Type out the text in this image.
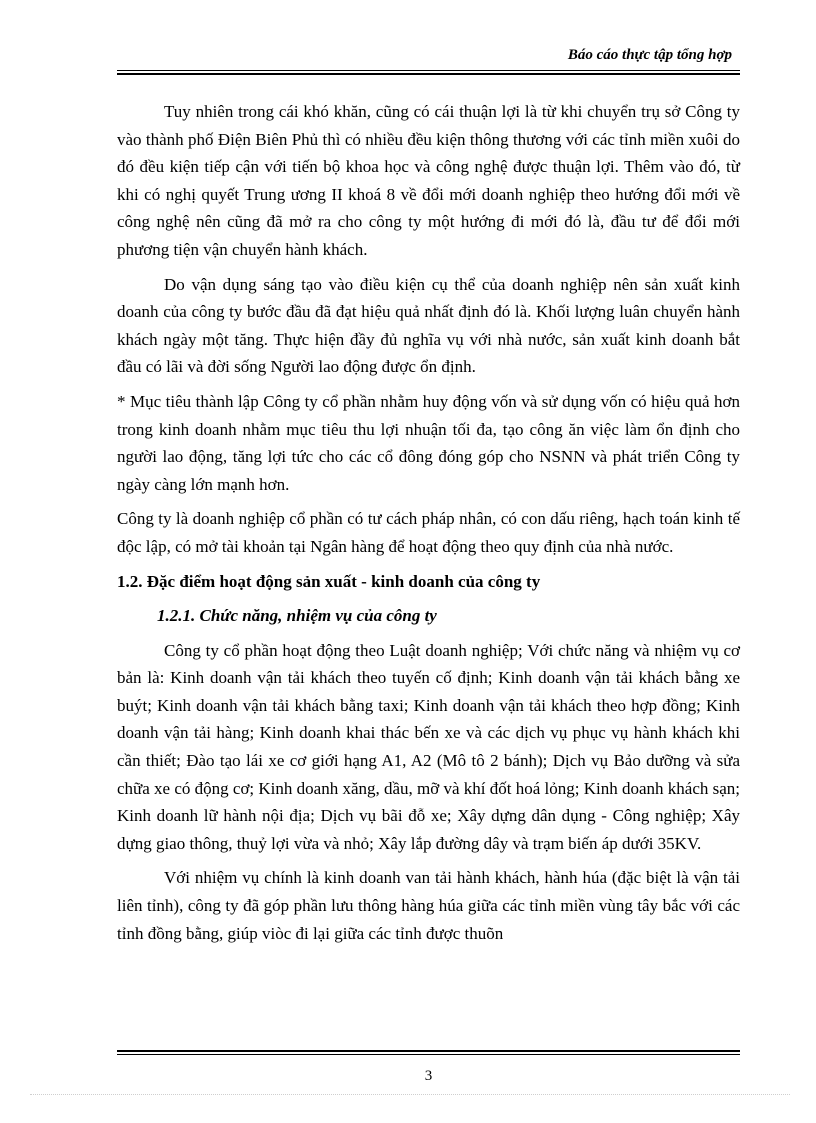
Báo cáo thực tập tổng hợp

Tuy nhiên trong cái khó khăn, cũng có cái thuận lợi là từ khi chuyển trụ sở Công ty vào thành phố Điện Biên Phủ thì có nhiều đều kiện thông thương với các tỉnh miền xuôi do đó đều kiện tiếp cận với tiến bộ khoa học và công nghệ được thuận lợi. Thêm vào đó, từ khi có nghị quyết Trung ương II khoá 8 về đổi mới doanh nghiệp theo hướng đổi mới về công nghệ nên cũng đã mở ra cho công ty một hướng đi mới đó là, đầu tư để đổi mới phương tiện vận chuyển hành khách.

Do vận dụng sáng tạo vào điều kiện cụ thể của doanh nghiệp nên sản xuất kinh doanh của công ty bước đầu đã đạt hiệu quả nhất định đó là. Khối lượng luân chuyển hành khách ngày một tăng. Thực hiện đầy đủ nghĩa vụ với nhà nước, sản xuất kinh doanh bắt đầu có lãi và đời sống Người lao động được ổn định.

* Mục tiêu thành lập Công ty cổ phần nhằm huy động vốn và sử dụng vốn có hiệu quả hơn trong kinh doanh nhằm mục tiêu thu lợi nhuận tối đa, tạo công ăn việc làm ổn định cho người lao động, tăng lợi tức cho các cổ đông đóng góp cho NSNN và phát triển Công ty ngày càng lớn mạnh hơn.

Công ty là doanh nghiệp cổ phần có tư cách pháp nhân, có con dấu riêng, hạch toán kinh tế độc lập, có mở tài khoản tại Ngân hàng để hoạt động theo quy định của nhà nước.

1.2. Đặc điểm hoạt động sản xuất - kinh doanh của công ty

1.2.1. Chức năng, nhiệm vụ của công ty

Công ty cổ phần hoạt động theo Luật doanh nghiệp; Với chức năng và nhiệm vụ cơ bản là: Kinh doanh vận tải khách theo tuyến cố định; Kinh doanh vận tải khách bằng xe buýt; Kinh doanh vận tải khách bằng taxi; Kinh doanh vận tải khách theo hợp đồng; Kinh doanh vận tải hàng; Kinh doanh khai thác bến xe và các dịch vụ phục vụ hành khách khi cần thiết; Đào tạo lái xe cơ giới hạng A1, A2 (Mô tô 2 bánh); Dịch vụ Bảo dưỡng và sửa chữa xe có động cơ; Kinh doanh xăng, dầu, mỡ và khí đốt hoá lỏng; Kinh doanh khách sạn; Kinh doanh lữ hành nội địa; Dịch vụ bãi đỗ xe; Xây dựng dân dụng - Công nghiệp; Xây dựng giao thông, thuỷ lợi vừa và nhỏ; Xây lắp đường dây và trạm biến áp dưới 35KV.

Với nhiệm vụ chính là kinh doanh van tải hành khách, hành húa (đặc biệt là vận tải liên tỉnh), công ty đã góp phần lưu thông hàng húa giữa các tỉnh miền vùng tây bắc với các tỉnh đồng bằng, giúp viòc đi lại giữa các tỉnh được thuõn

3
